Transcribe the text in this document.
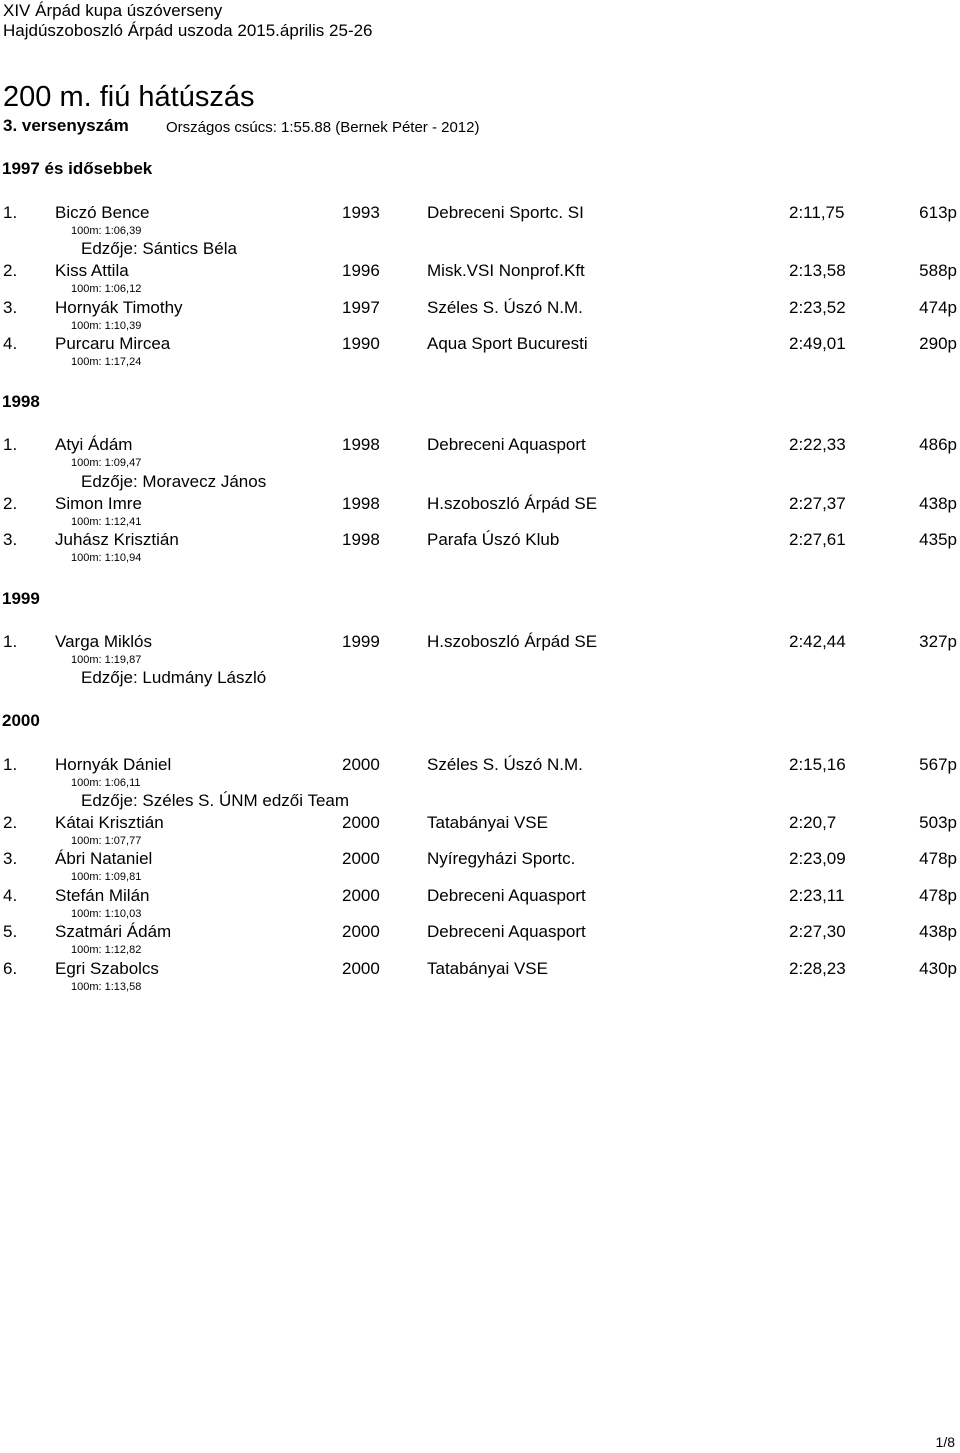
XIV Árpád kupa úszóverseny
Hajdúszoboszló Árpád uszoda 2015.április 25-26
200 m. fiú hátúszás
3. versenyszám Országos csúcs: 1:55.88 (Bernek Péter - 2012)
1997 és idősebbek
1. Biczó Bence	1993	Debreceni Sportc. SI	2:11,75	613p
100m: 1:06,39
Edzője: Sántics Béla
2. Kiss Attila	1996	Misk.VSI Nonprof.Kft	2:13,58	588p
100m: 1:06,12
3. Hornyák Timothy	1997	Széles S. Úszó N.M.	2:23,52	474p
100m: 1:10,39
4. Purcaru Mircea	1990	Aqua Sport Bucuresti	2:49,01	290p
100m: 1:17,24
1998
1. Atyi Ádám	1998	Debreceni Aquasport	2:22,33	486p
100m: 1:09,47
Edzője: Moravecz János
2. Simon Imre	1998	H.szoboszló Árpád SE	2:27,37	438p
100m: 1:12,41
3. Juhász Krisztián	1998	Parafa Úszó Klub	2:27,61	435p
100m: 1:10,94
1999
1. Varga Miklós	1999	H.szoboszló Árpád SE	2:42,44	327p
100m: 1:19,87
Edzője: Ludmány László
2000
1. Hornyák Dániel	2000	Széles S. Úszó N.M.	2:15,16	567p
100m: 1:06,11
Edzője: Széles S. ÚNM edzői Team
2. Kátai Krisztián	2000	Tatabányai VSE	2:20,7	503p
100m: 1:07,77
3. Ábri Nataniel	2000	Nyíregyházi Sportc.	2:23,09	478p
100m: 1:09,81
4. Stefán Milán	2000	Debreceni Aquasport	2:23,11	478p
100m: 1:10,03
5. Szatmári Ádám	2000	Debreceni Aquasport	2:27,30	438p
100m: 1:12,82
6. Egri Szabolcs	2000	Tatabányai VSE	2:28,23	430p
100m: 1:13,58
1/8
